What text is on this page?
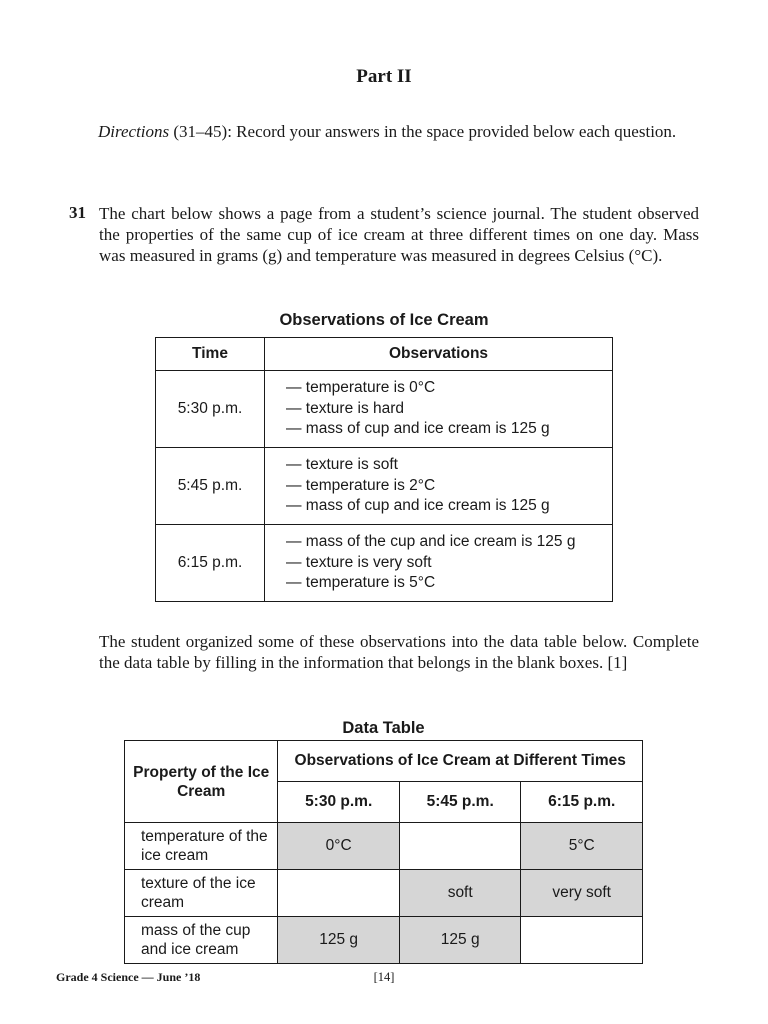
Part II

Directions (31–45): Record your answers in the space provided below each question.

31 The chart below shows a page from a student’s science journal. The student observed the properties of the same cup of ice cream at three different times on one day. Mass was measured in grams (g) and temperature was measured in degrees Celsius (°C).

Observations of Ice Cream
Time	Observations
5:30 p.m.	— temperature is 0°C
— texture is hard
— mass of cup and ice cream is 125 g

5:45 p.m.	— texture is soft
— temperature is 2°C
— mass of cup and ice cream is 125 g

6:15 p.m.	— mass of the cup and ice cream is 125 g
— texture is very soft
— temperature is 5°C

The student organized some of these observations into the data table below. Complete the data table by filling in the information that belongs in the blank boxes. [1]

Data Table
Property of the Ice Cream	Observations of Ice Cream at Different Times		
	5:30 p.m.	5:45 p.m.	6:15 p.m.
temperature of the ice cream	0°C		5°C
texture of the ice cream		soft	very soft
mass of the cup and ice cream	125 g	125 g	
Grade 4 Science — June ’18	[14]
